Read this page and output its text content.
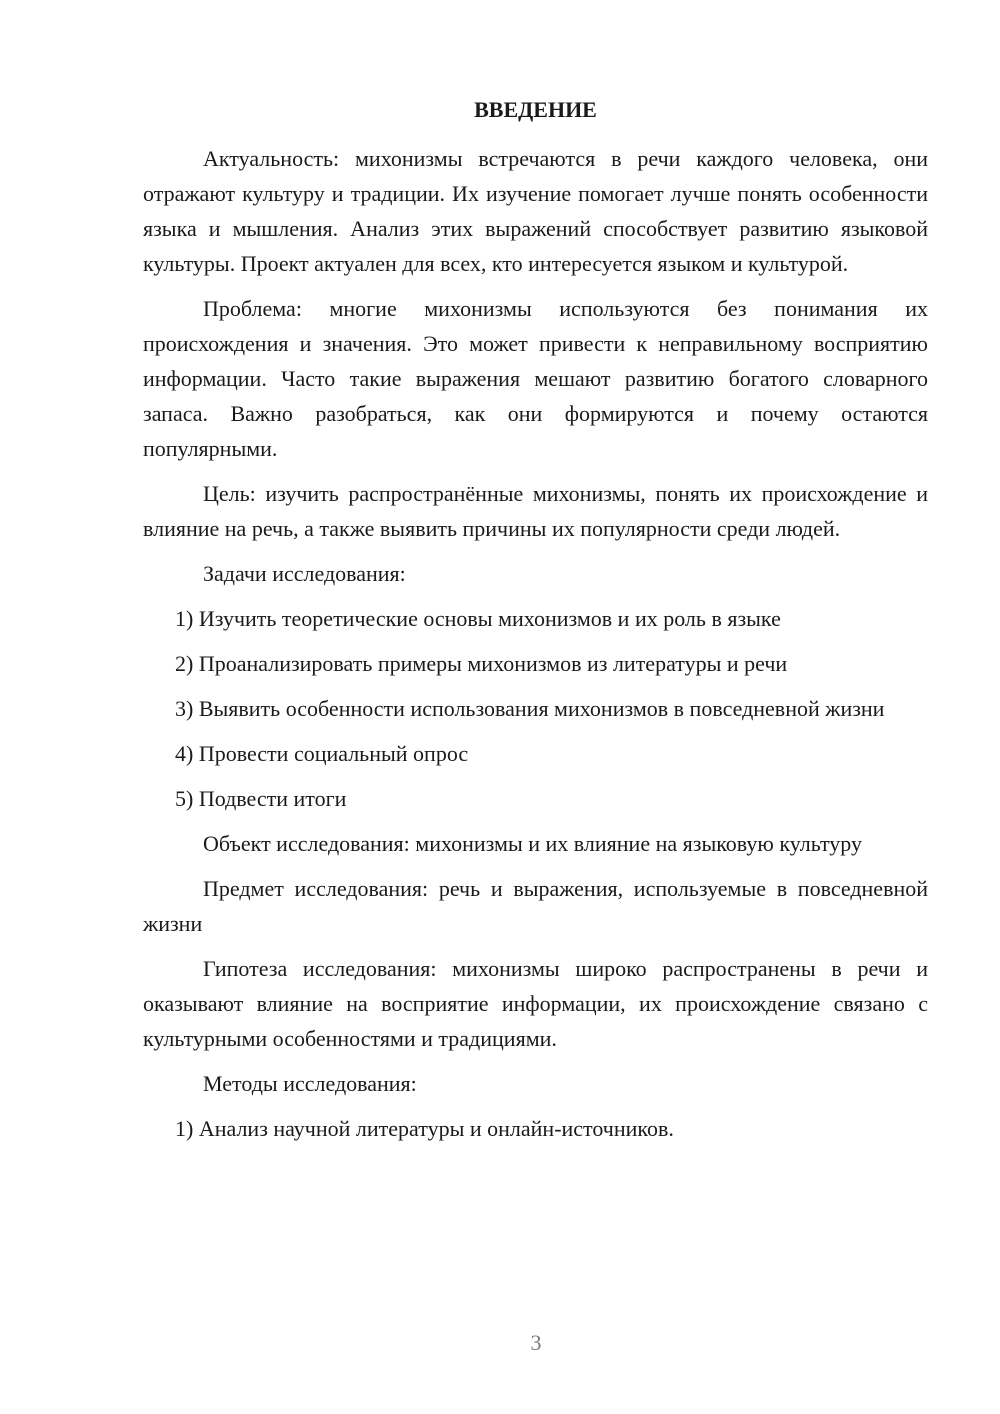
ВВЕДЕНИЕ

Актуальность: михонизмы встречаются в речи каждого человека, они отражают культуру и традиции. Их изучение помогает лучше понять особенности языка и мышления. Анализ этих выражений способствует развитию языковой культуры. Проект актуален для всех, кто интересуется языком и культурой.

Проблема: многие михонизмы используются без понимания их происхождения и значения. Это может привести к неправильному восприятию информации. Часто такие выражения мешают развитию богатого словарного запаса. Важно разобраться, как они формируются и почему остаются популярными.

Цель: изучить распространённые михонизмы, понять их происхождение и влияние на речь, а также выявить причины их популярности среди людей.

Задачи исследования:

1) Изучить теоретические основы михонизмов и их роль в языке

2) Проанализировать примеры михонизмов из литературы и речи

3) Выявить особенности использования михонизмов в повседневной жизни

4) Провести социальный опрос

5) Подвести итоги

Объект исследования: михонизмы и их влияние на языковую культуру

Предмет исследования: речь и выражения, используемые в повседневной жизни

Гипотеза исследования: михонизмы широко распространены в речи и оказывают влияние на восприятие информации, их происхождение связано с культурными особенностями и традициями.

Методы исследования:

1) Анализ научной литературы и онлайн-источников.

3
